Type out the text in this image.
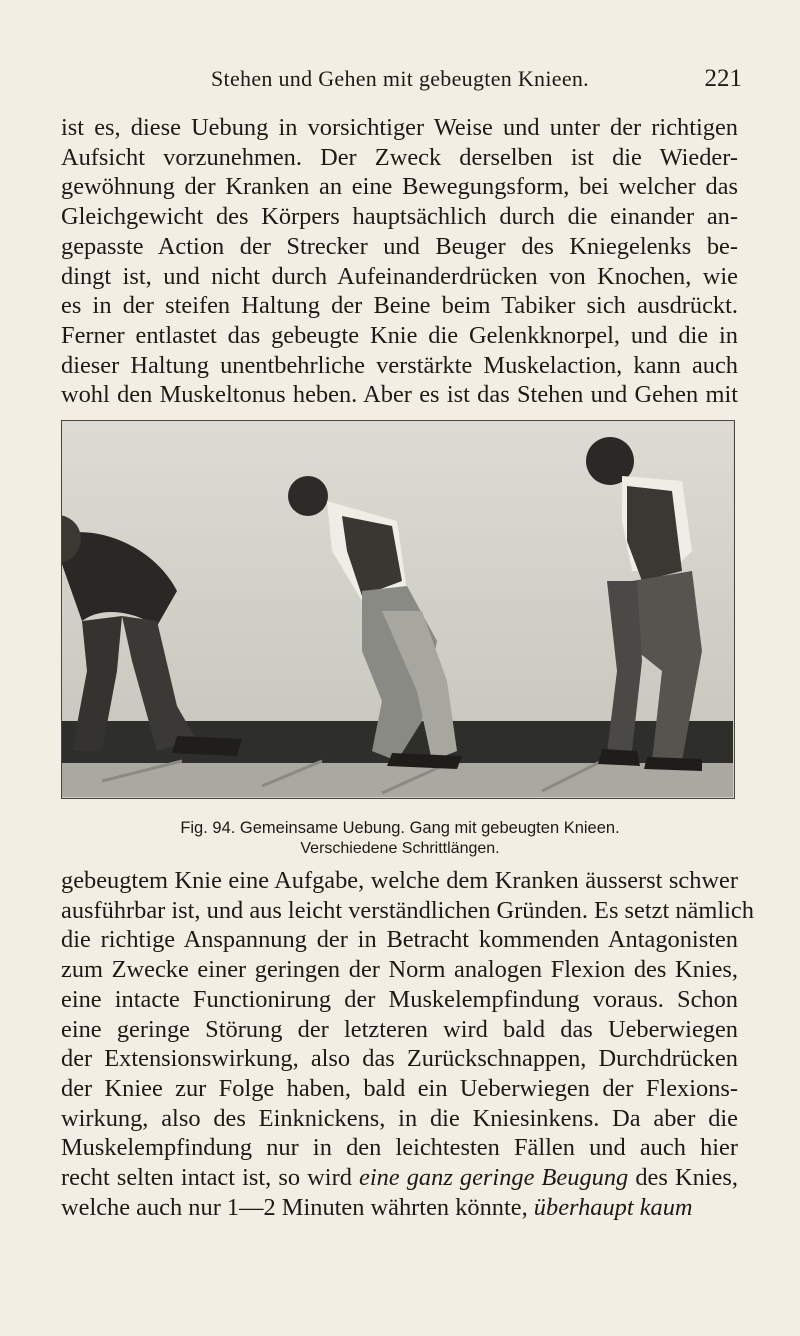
Stehen und Gehen mit gebeugten Knieen.	221
ist es, diese Uebung in vorsichtiger Weise und unter der richtigen
Aufsicht vorzunehmen. Der Zweck derselben ist die Wieder-
gewöhnung der Kranken an eine Bewegungsform, bei welcher das
Gleichgewicht des Körpers hauptsächlich durch die einander an-
gepasste Action der Strecker und Beuger des Kniegelenks be-
dingt ist, und nicht durch Aufeinanderdrücken von Knochen, wie
es in der steifen Haltung der Beine beim Tabiker sich ausdrückt.
Ferner entlastet das gebeugte Knie die Gelenkknorpel, und die in
dieser Haltung unentbehrliche verstärkte Muskelaction, kann auch
wohl den Muskeltonus heben. Aber es ist das Stehen und Gehen mit
Fig. 94. Gemeinsame Uebung. Gang mit gebeugten Knieen.
Verschiedene Schrittlängen.
gebeugtem Knie eine Aufgabe, welche dem Kranken äusserst schwer
ausführbar ist, und aus leicht verständlichen Gründen. Es setzt nämlich
die richtige Anspannung der in Betracht kommenden Antagonisten
zum Zwecke einer geringen der Norm analogen Flexion des Knies,
eine intacte Functionirung der Muskelempfindung voraus. Schon
eine geringe Störung der letzteren wird bald das Ueberwiegen
der Extensionswirkung, also das Zurückschnappen, Durchdrücken
der Kniee zur Folge haben, bald ein Ueberwiegen der Flexions-
wirkung, also des Einknickens, in die Kniesinkens. Da aber die
Muskelempfindung nur in den leichtesten Fällen und auch hier
recht selten intact ist, so wird eine ganz geringe Beugung des Knies,
welche auch nur 1—2 Minuten währten könnte, überhaupt kaum
